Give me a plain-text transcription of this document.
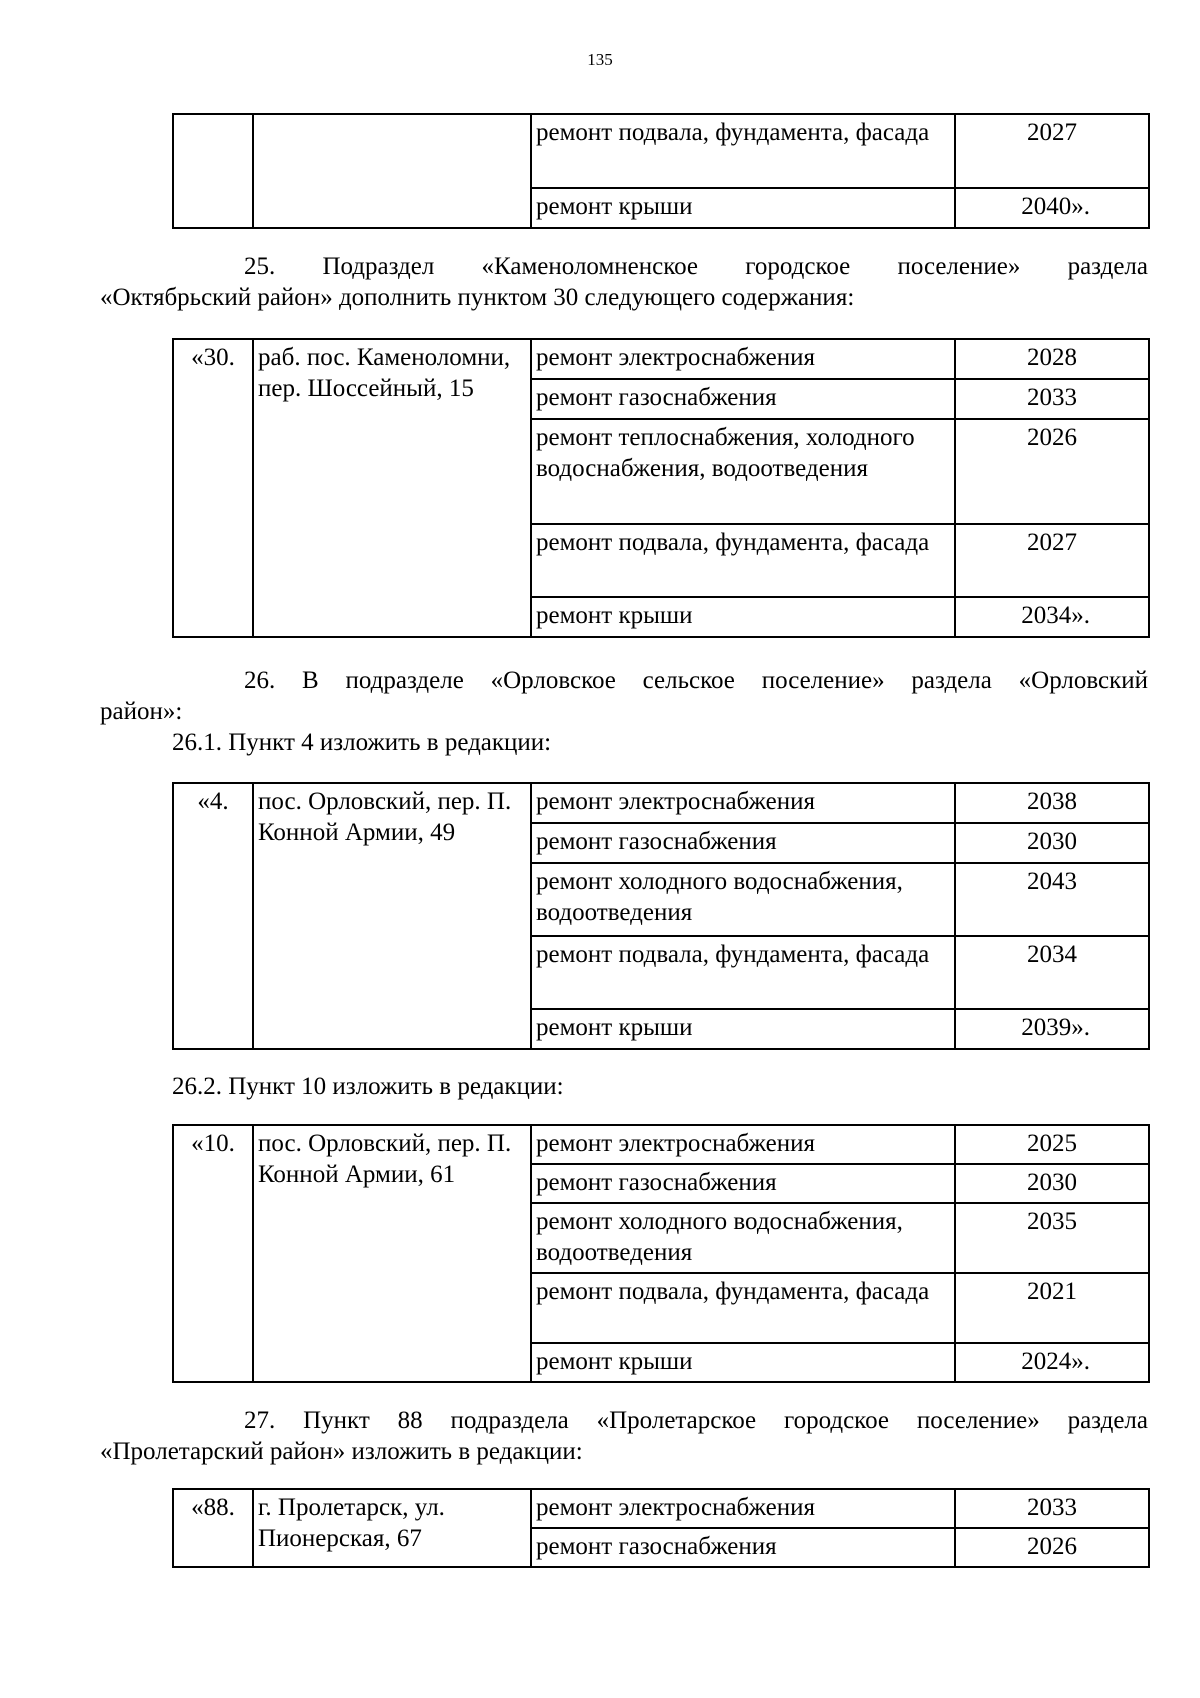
135
		ремонт подвала, фундамента, фасада	2027
		ремонт крыши	2040».
25. Подраздел «Каменоломненское городское поселение» раздела
«Октябрьский район» дополнить пунктом 30 следующего содержания:
«30.	раб. пос. Каменоломни, пер. Шоссейный, 15	ремонт электроснабжения	2028
		ремонт газоснабжения	2033
		ремонт теплоснабжения, холодного водоснабжения, водоотведения	2026
		ремонт подвала, фундамента, фасада	2027
		ремонт крыши	2034».
26. В подразделе «Орловское сельское поселение» раздела «Орловский
район»:
26.1. Пункт 4 изложить в редакции:
«4.	пос. Орловский, пер. П. Конной Армии, 49	ремонт электроснабжения	2038
		ремонт газоснабжения	2030
		ремонт холодного водоснабжения, водоотведения	2043
		ремонт подвала, фундамента, фасада	2034
		ремонт крыши	2039».
26.2. Пункт 10 изложить в редакции:
«10.	пос. Орловский, пер. П. Конной Армии, 61	ремонт электроснабжения	2025
		ремонт газоснабжения	2030
		ремонт холодного водоснабжения, водоотведения	2035
		ремонт подвала, фундамента, фасада	2021
		ремонт крыши	2024».
27. Пункт 88 подраздела «Пролетарское городское поселение» раздела
«Пролетарский район» изложить в редакции:
«88.	г. Пролетарск, ул. Пионерская, 67	ремонт электроснабжения	2033
		ремонт газоснабжения	2026
